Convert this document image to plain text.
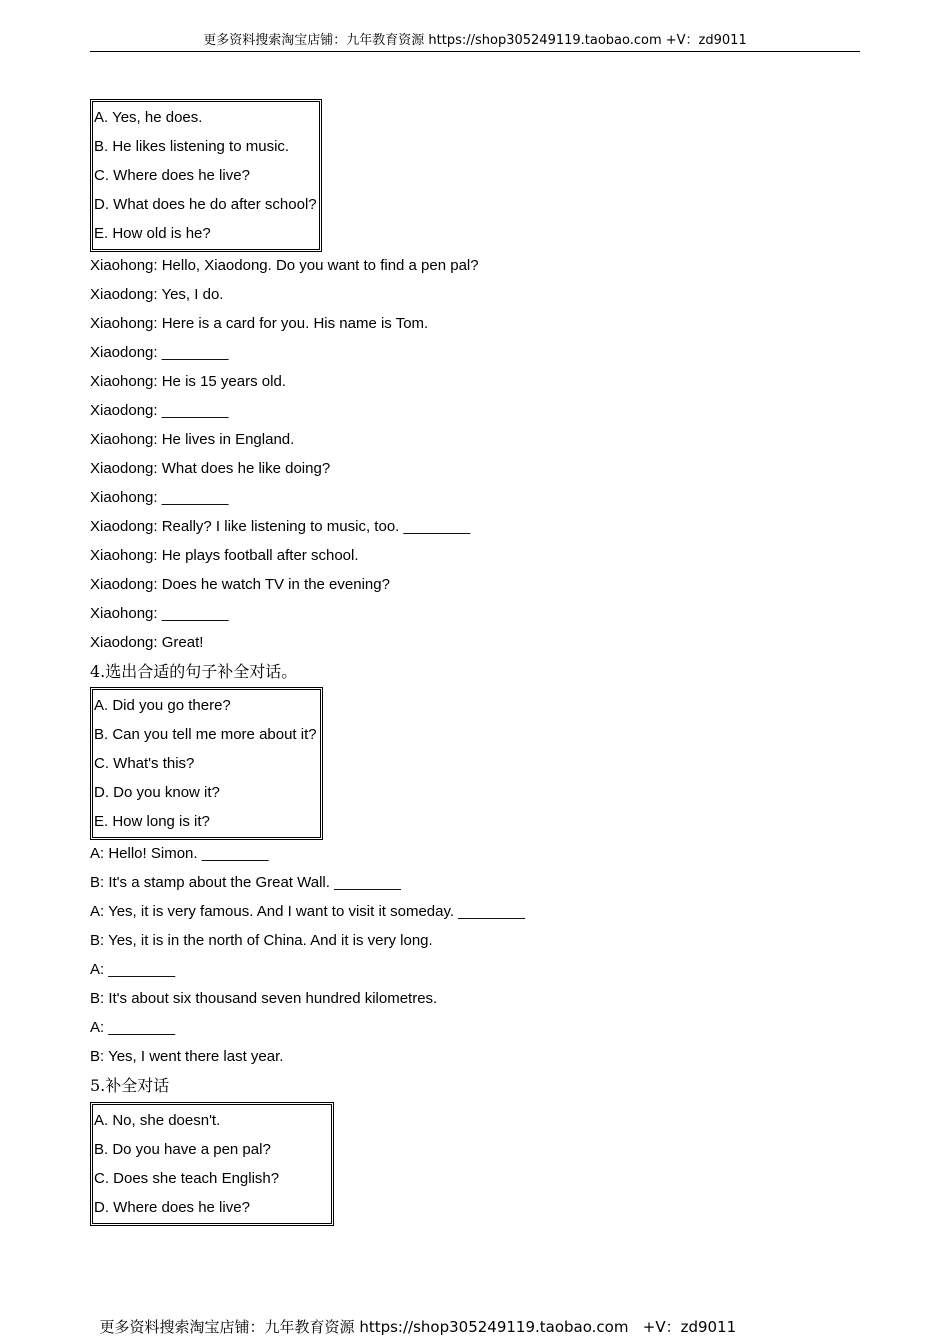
更多资料搜索淘宝店铺：九年教育资源 https://shop305249119.taobao.com +V：zd9011
A. Yes, he does.
B. He likes listening to music.
C. Where does he live?
D. What does he do after school?
E. How old is he?
Xiaohong: Hello, Xiaodong. Do you want to find a pen pal?
Xiaodong: Yes, I do.
Xiaohong: Here is a card for you. His name is Tom.
Xiaodong: ________
Xiaohong: He is 15 years old.
Xiaodong: ________
Xiaohong: He lives in England.
Xiaodong: What does he like doing?
Xiaohong: ________
Xiaodong: Really? I like listening to music, too. ________
Xiaohong: He plays football after school.
Xiaodong: Does he watch TV in the evening?
Xiaohong: ________
Xiaodong: Great!
4.选出合适的句子补全对话。
A. Did you go there?
B. Can you tell me more about it?
C. What's this?
D. Do you know it?
E. How long is it?
A: Hello! Simon. ________
B: It's a stamp about the Great Wall. ________
A: Yes, it is very famous. And I want to visit it someday. ________
B: Yes, it is in the north of China. And it is very long.
A: ________
B: It's about six thousand seven hundred kilometres.
A: ________
B: Yes, I went there last year.
5.补全对话
A. No, she doesn't.
B. Do you have a pen pal?
C. Does she teach English?
D. Where does he live?

更多资料搜索淘宝店铺：九年教育资源 https://shop305249119.taobao.com   +V：zd9011
